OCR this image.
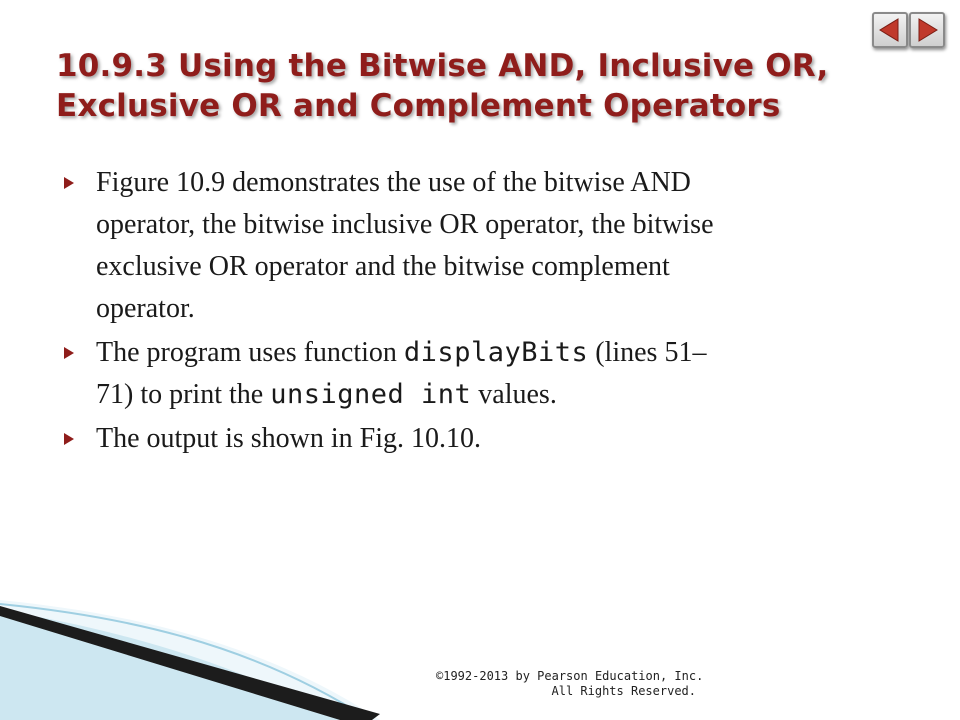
10.9.3 Using the Bitwise AND, Inclusive OR,
Exclusive OR and Complement Operators
Figure 10.9 demonstrates the use of the bitwise AND
operator, the bitwise inclusive OR operator, the bitwise
exclusive OR operator and the bitwise complement
operator.
The program uses function displayBits (lines 51–
71) to print the unsigned int values.
The output is shown in Fig. 10.10.
©1992-2013 by Pearson Education, Inc.
All Rights Reserved.
